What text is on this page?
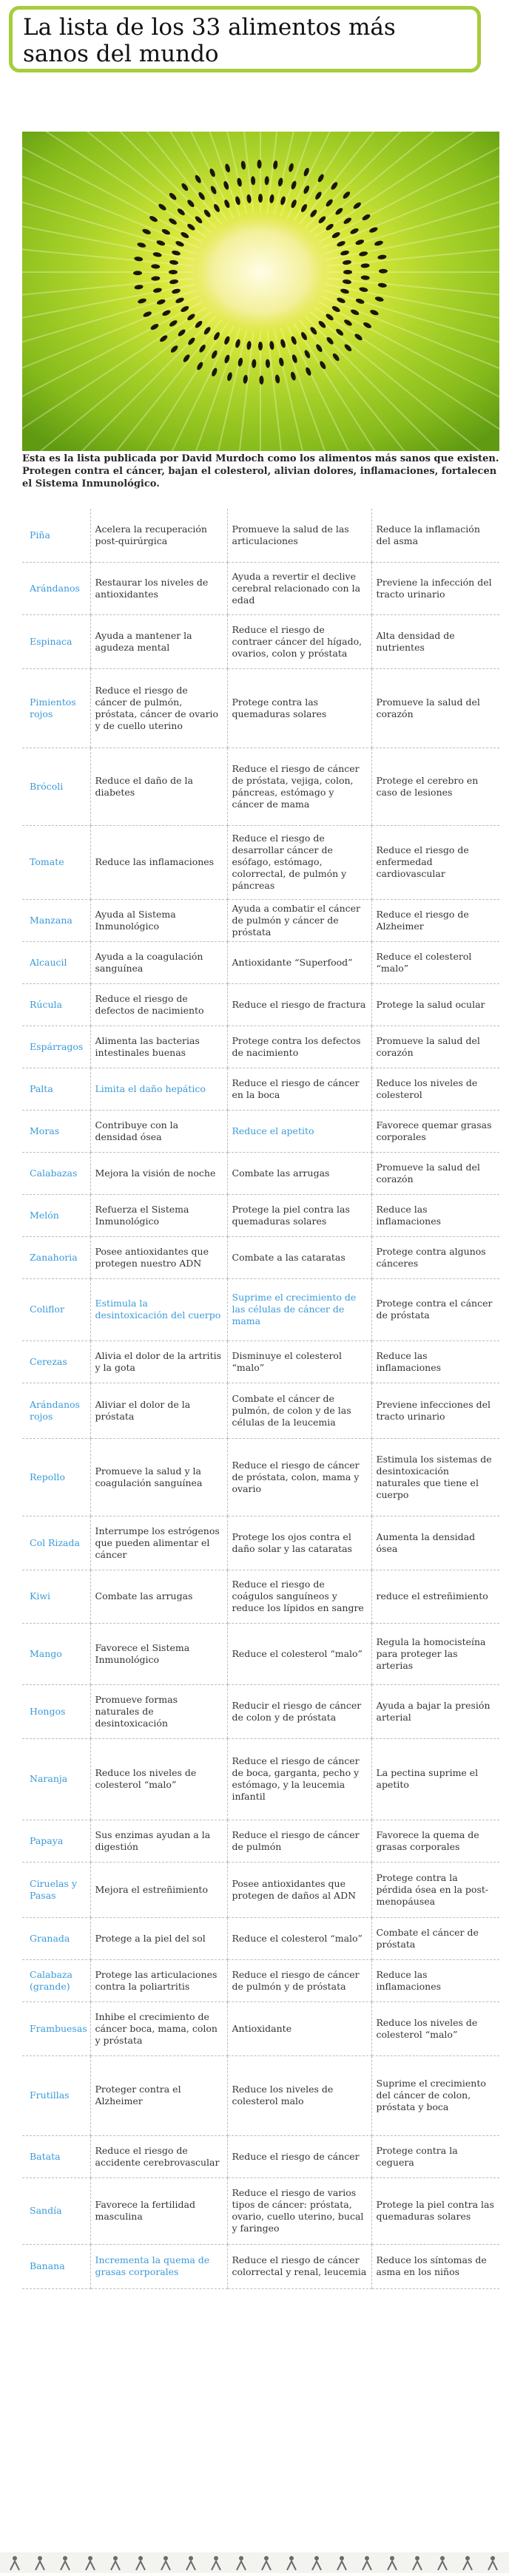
La lista de los 33 alimentos más sanos del mundo
Esta es la lista publicada por David Murdoch como los alimentos más sanos que existen. Protegen contra el cáncer, bajan el colesterol, alivian dolores, inflamaciones, fortalecen el Sistema Inmunológico.
Piña	Acelera la recuperación post-quirúrgica	Promueve la salud de las articulaciones	Reduce la inflamación del asma
Arándanos	Restaurar los niveles de antioxidantes	Ayuda a revertir el declive cerebral relacionado con la edad	Previene la infección del tracto urinario
Espinaca	Ayuda a mantener la agudeza mental	Reduce el riesgo de contraer cáncer del hígado, ovarios, colon y próstata	Alta densidad de nutrientes
Pimientos rojos	Reduce el riesgo de cáncer de pulmón, próstata, cáncer de ovario y de cuello uterino	Protege contra las quemaduras solares	Promueve la salud del corazón
Brócoli	Reduce el daño de la diabetes	Reduce el riesgo de cáncer de próstata, vejiga, colon, páncreas, estómago y cáncer de mama	Protege el cerebro en caso de lesiones
Tomate	Reduce las inflamaciones	Reduce el riesgo de desarrollar cáncer de esófago, estómago, colorrectal, de pulmón y páncreas	Reduce el riesgo de enfermedad cardiovascular
Manzana	Ayuda al Sistema Inmunológico	Ayuda a combatir el cáncer de pulmón y cáncer de próstata	Reduce el riesgo de Alzheimer
Alcaucil	Ayuda a la coagulación sanguínea	Antioxidante “Superfood”	Reduce el colesterol “malo”
Rúcula	Reduce el riesgo de defectos de nacimiento	Reduce el riesgo de fractura	Protege la salud ocular
Espárragos	Alimenta las bacterias intestinales buenas	Protege contra los defectos de nacimiento	Promueve la salud del corazón
Palta	Limita el daño hepático	Reduce el riesgo de cáncer en la boca	Reduce los niveles de colesterol
Moras	Contribuye con la densidad ósea	Reduce el apetito	Favorece quemar grasas corporales
Calabazas	Mejora la visión de noche	Combate las arrugas	Promueve la salud del corazón
Melón	Refuerza el Sistema Inmunológico	Protege la piel contra las quemaduras solares	Reduce las inflamaciones
Zanahoria	Posee antioxidantes que protegen nuestro ADN	Combate a las cataratas	Protege contra algunos cánceres
Coliflor	Estimula la desintoxicación del cuerpo	Suprime el crecimiento de las células de cáncer de mama	Protege contra el cáncer de próstata
Cerezas	Alivia el dolor de la artritis y la gota	Disminuye el colesterol “malo”	Reduce las inflamaciones
Arándanos rojos	Aliviar el dolor de la próstata	Combate el cáncer de pulmón, de colon y de las células de la leucemia	Previene infecciones del tracto urinario
Repollo	Promueve la salud y la coagulación sanguínea	Reduce el riesgo de cáncer de próstata, colon, mama y ovario	Estimula los sistemas de desintoxicación naturales que tiene el cuerpo
Col Rizada	Interrumpe los estrógenos que pueden alimentar el cáncer	Protege los ojos contra el daño solar y las cataratas	Aumenta la densidad ósea
Kiwi	Combate las arrugas	Reduce el riesgo de coágulos sanguíneos y reduce los lípidos en sangre	reduce el estreñimiento
Mango	Favorece el Sistema Inmunológico	Reduce el colesterol “malo”	Regula la homocisteína para proteger las arterias
Hongos	Promueve formas naturales de desintoxicación	Reducir el riesgo de cáncer de colon y de próstata	Ayuda a bajar la presión arterial
Naranja	Reduce los niveles de colesterol “malo”	Reduce el riesgo de cáncer de boca, garganta, pecho y estómago, y la leucemia infantil	La pectina suprime el apetito
Papaya	Sus enzimas ayudan a la digestión	Reduce el riesgo de cáncer de pulmón	Favorece la quema de grasas corporales
Ciruelas y Pasas	Mejora el estreñimiento	Posee antioxidantes que protegen de daños al ADN	Protege contra la pérdida ósea en la post-menopáusea
Granada	Protege a la piel del sol	Reduce el colesterol “malo”	Combate el cáncer de próstata
Calabaza (grande)	Protege las articulaciones contra la poliartritis	Reduce el riesgo de cáncer de pulmón y de próstata	Reduce las inflamaciones
Frambuesas	Inhibe el crecimiento de cáncer boca, mama, colon y próstata	Antioxidante	Reduce los niveles de colesterol “malo”
Frutillas	Proteger contra el Alzheimer	Reduce los niveles de colesterol malo	Suprime el crecimiento del cáncer de colon, próstata y boca
Batata	Reduce el riesgo de accidente cerebrovascular	Reduce el riesgo de cáncer	Protege contra la ceguera
Sandía	Favorece la fertilidad masculina	Reduce el riesgo de varios tipos de cáncer: próstata, ovario, cuello uterino, bucal y faringeo	Protege la piel contra las quemaduras solares
Banana	Incrementa la quema de grasas corporales	Reduce el riesgo de cáncer colorrectal y renal, leucemia	Reduce los síntomas de asma en los niños
